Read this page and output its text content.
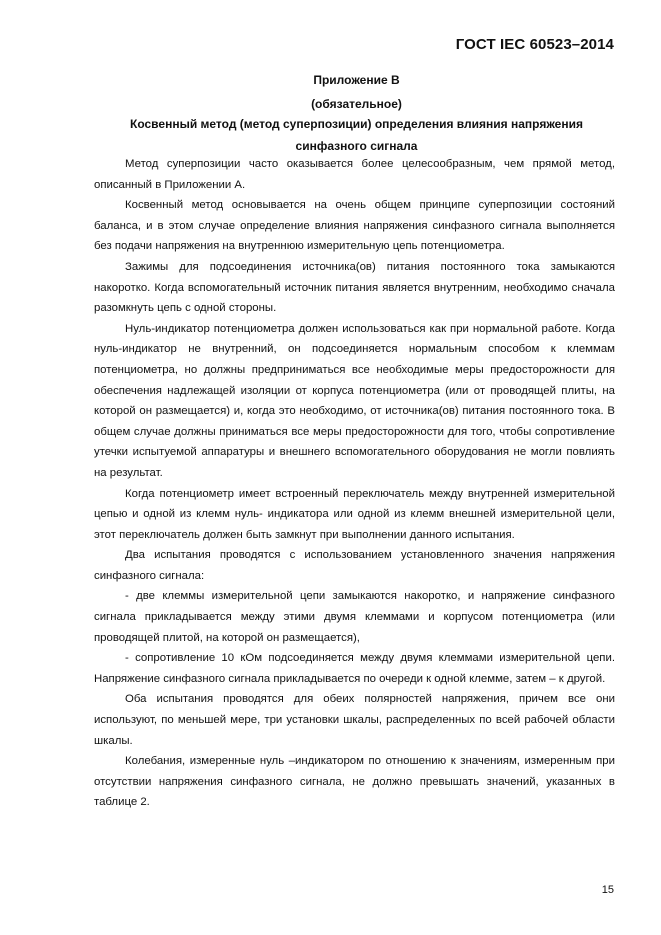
ГОСТ IEC 60523–2014
Приложение В
(обязательное)
Косвенный метод (метод суперпозиции) определения влияния напряжения синфазного сигнала

Метод суперпозиции часто оказывается более целесообразным, чем прямой метод, описанный в Приложении А.

Косвенный метод основывается на очень общем принципе суперпозиции состояний баланса, и в этом случае определение влияния напряжения синфазного сигнала выполняется без подачи напряжения на внутреннюю измерительную цепь потенциометра.

Зажимы для подсоединения источника(ов) питания постоянного тока замыкаются накоротко. Когда вспомогательный источник питания является внутренним, необходимо сначала разомкнуть цепь с одной стороны.

Нуль-индикатор потенциометра должен использоваться как при нормальной работе. Когда нуль-индикатор не внутренний, он подсоединяется нормальным способом к клеммам потенциометра, но должны предприниматься все необходимые меры предосторожности для обеспечения надлежащей изоляции от корпуса потенциометра (или от проводящей плиты, на которой он размещается) и, когда это необходимо, от источника(ов) питания постоянного тока. В общем случае должны приниматься все меры предосторожности для того, чтобы сопротивление утечки испытуемой аппаратуры и внешнего вспомогательного оборудования не могли повлиять на результат.

Когда потенциометр имеет встроенный переключатель между внутренней измерительной цепью и одной из клемм нуль- индикатора или одной из клемм внешней измерительной цели, этот переключатель должен быть замкнут при выполнении данного испытания.

Два испытания проводятся с использованием установленного значения напряжения синфазного сигнала:

- две клеммы измерительной цепи замыкаются накоротко, и напряжение синфазного сигнала прикладывается между этими двумя клеммами и корпусом потенциометра (или проводящей плитой, на которой он размещается),

- сопротивление 10 кОм подсоединяется между двумя клеммами измерительной цепи. Напряжение синфазного сигнала прикладывается по очереди к одной клемме, затем – к другой.

Оба испытания проводятся для обеих полярностей напряжения, причем все они используют, по меньшей мере, три установки шкалы, распределенных по всей рабочей области шкалы.

Колебания, измеренные нуль –индикатором по отношению к значениям, измеренным при отсутствии напряжения синфазного сигнала, не должно превышать значений, указанных в таблице 2.

15
